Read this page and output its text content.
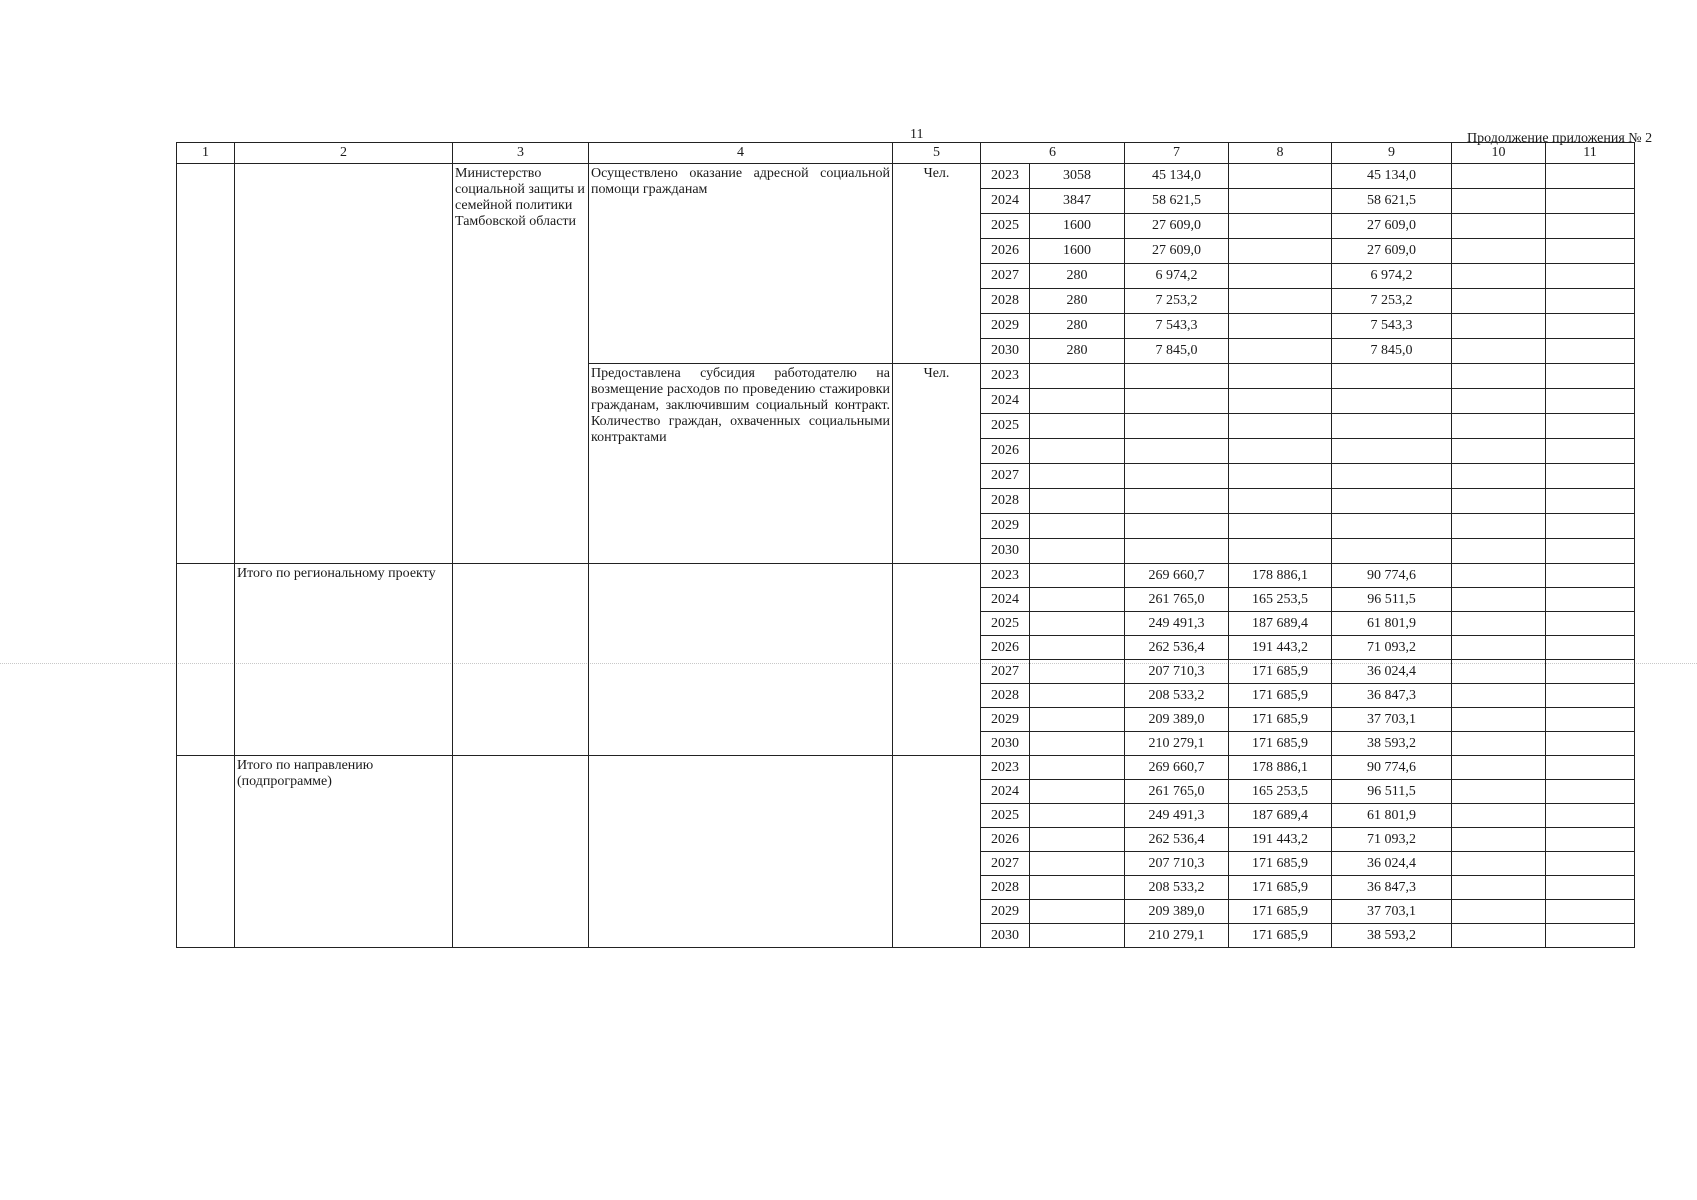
11	Продолжение приложения № 2
1	2	3	4	5	6		7	8	9	10	11
		Министерство социальной защиты и семейной политики Тамбовской области	Осуществлено оказание адресной социальной помощи гражданам	Чел.	2023	3058	45 134,0		45 134,0		
					2024	3847	58 621,5		58 621,5		
					2025	1600	27 609,0		27 609,0		
					2026	1600	27 609,0		27 609,0		
					2027	280	6 974,2		6 974,2		
					2028	280	7 253,2		7 253,2		
					2029	280	7 543,3		7 543,3		
					2030	280	7 845,0		7 845,0		
			Предоставлена субсидия работодателю на возмещение расходов по проведению стажировки гражданам, заключившим социальный контракт. Количество граждан, охваченных социальными контрактами	Чел.	2023						
					2024						
					2025						
					2026						
					2027						
					2028						
					2029						
					2030						
	Итого по региональному проекту				2023		269 660,7	178 886,1	90 774,6		
					2024		261 765,0	165 253,5	96 511,5		
					2025		249 491,3	187 689,4	61 801,9		
					2026		262 536,4	191 443,2	71 093,2		
					2027		207 710,3	171 685,9	36 024,4		
					2028		208 533,2	171 685,9	36 847,3		
					2029		209 389,0	171 685,9	37 703,1		
					2030		210 279,1	171 685,9	38 593,2		
	Итого по направлению (подпрограмме)				2023		269 660,7	178 886,1	90 774,6		
					2024		261 765,0	165 253,5	96 511,5		
					2025		249 491,3	187 689,4	61 801,9		
					2026		262 536,4	191 443,2	71 093,2		
					2027		207 710,3	171 685,9	36 024,4		
					2028		208 533,2	171 685,9	36 847,3		
					2029		209 389,0	171 685,9	37 703,1		
					2030		210 279,1	171 685,9	38 593,2		
